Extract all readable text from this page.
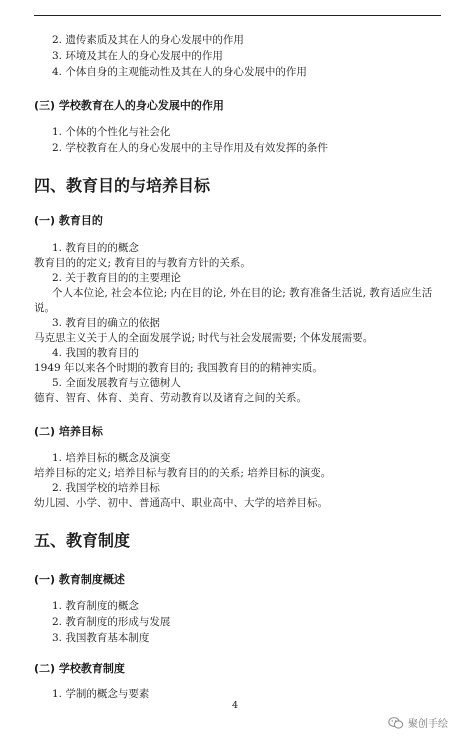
2. 遗传素质及其在人的身心发展中的作用
3. 环境及其在人的身心发展中的作用
4. 个体自身的主观能动性及其在人的身心发展中的作用
(三) 学校教育在人的身心发展中的作用
1. 个体的个性化与社会化
2. 学校教育在人的身心发展中的主导作用及有效发挥的条件
四、教育目的与培养目标
(一) 教育目的
1. 教育目的的概念
教育目的的定义; 教育目的与教育方针的关系。
2. 关于教育目的的主要理论
个人本位论, 社会本位论; 内在目的论, 外在目的论; 教育准备生活说, 教育适应生活
说。
3. 教育目的确立的依据
马克思主义关于人的全面发展学说; 时代与社会发展需要; 个体发展需要。
4. 我国的教育目的
1949 年以来各个时期的教育目的; 我国教育目的的精神实质。
5. 全面发展教育与立德树人
德育、智育、体育、美育、劳动教育以及诸育之间的关系。
(二) 培养目标
1. 培养目标的概念及演变
培养目标的定义; 培养目标与教育目的的关系; 培养目标的演变。
2. 我国学校的培养目标
幼儿园、小学、初中、普通高中、职业高中、大学的培养目标。
五、教育制度
(一) 教育制度概述
1. 教育制度的概念
2. 教育制度的形成与发展
3. 我国教育基本制度
(二) 学校教育制度
1. 学制的概念与要素
4
聚创手绘
